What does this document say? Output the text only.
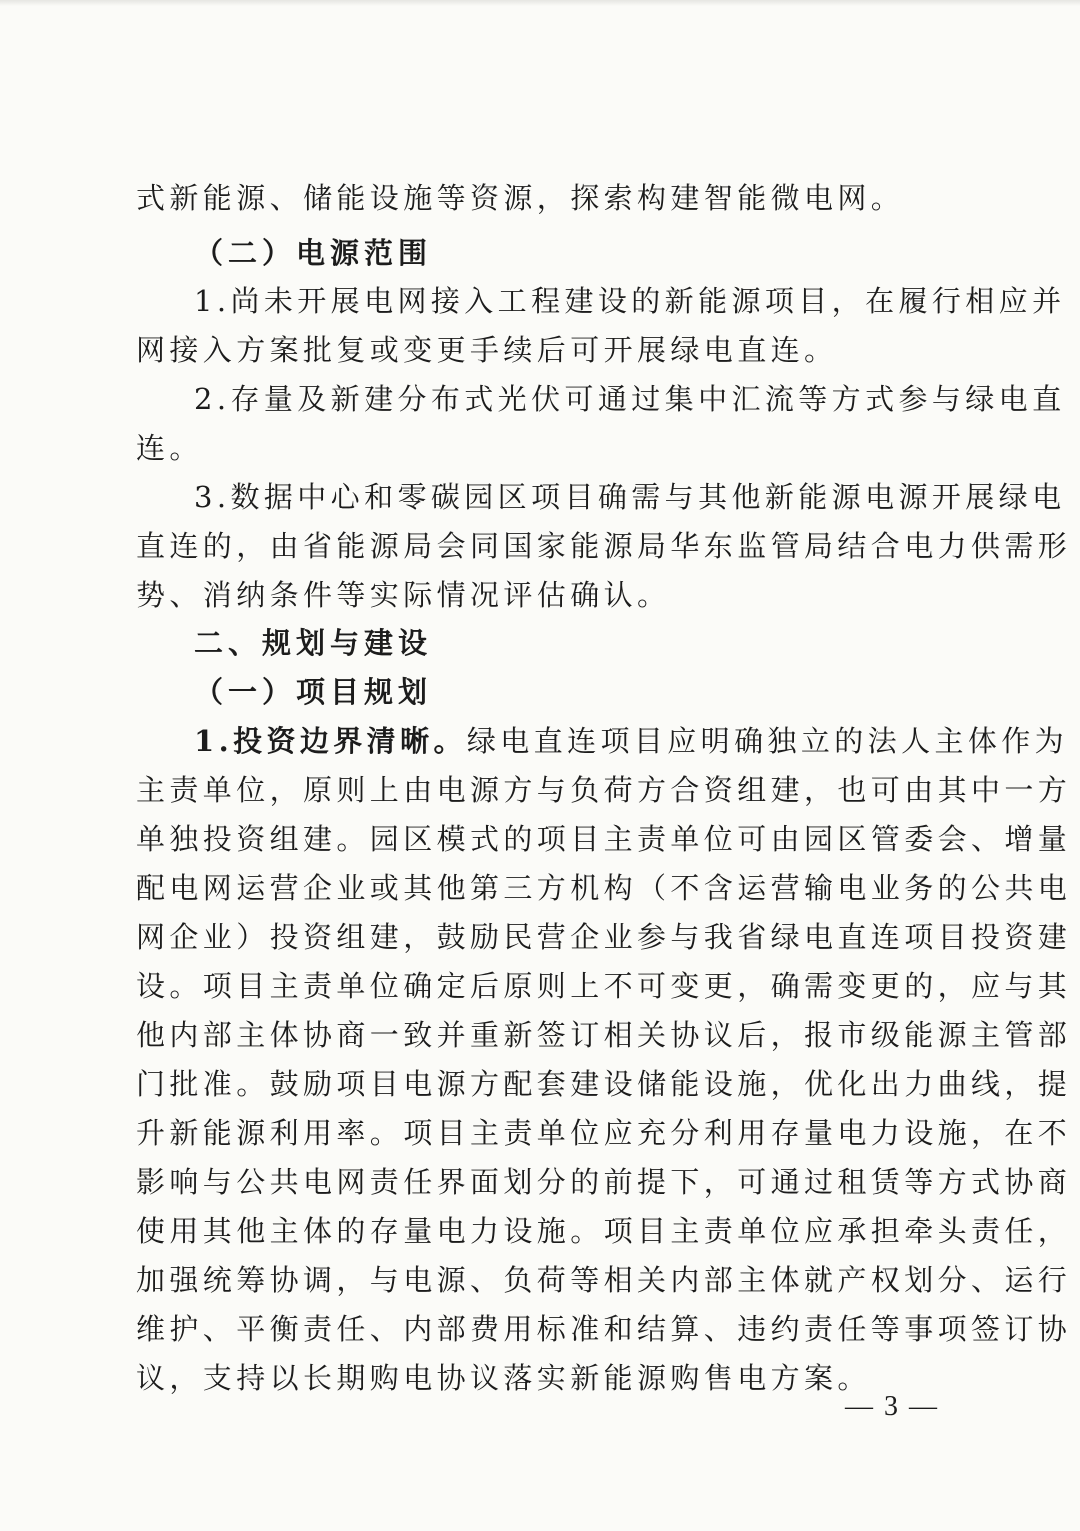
式新能源、储能设施等资源，探索构建智能微电网。
（二）电源范围
1.尚未开展电网接入工程建设的新能源项目，在履行相应并
网接入方案批复或变更手续后可开展绿电直连。
2.存量及新建分布式光伏可通过集中汇流等方式参与绿电直
连。
3.数据中心和零碳园区项目确需与其他新能源电源开展绿电
直连的，由省能源局会同国家能源局华东监管局结合电力供需形
势、消纳条件等实际情况评估确认。
二、规划与建设
（一）项目规划
1.投资边界清晰。绿电直连项目应明确独立的法人主体作为
主责单位，原则上由电源方与负荷方合资组建，也可由其中一方
单独投资组建。园区模式的项目主责单位可由园区管委会、增量
配电网运营企业或其他第三方机构（不含运营输电业务的公共电
网企业）投资组建，鼓励民营企业参与我省绿电直连项目投资建
设。项目主责单位确定后原则上不可变更，确需变更的，应与其
他内部主体协商一致并重新签订相关协议后，报市级能源主管部
门批准。鼓励项目电源方配套建设储能设施，优化出力曲线，提
升新能源利用率。项目主责单位应充分利用存量电力设施，在不
影响与公共电网责任界面划分的前提下，可通过租赁等方式协商
使用其他主体的存量电力设施。项目主责单位应承担牵头责任，
加强统筹协调，与电源、负荷等相关内部主体就产权划分、运行
维护、平衡责任、内部费用标准和结算、违约责任等事项签订协
议，支持以长期购电协议落实新能源购售电方案。
— 3 —
